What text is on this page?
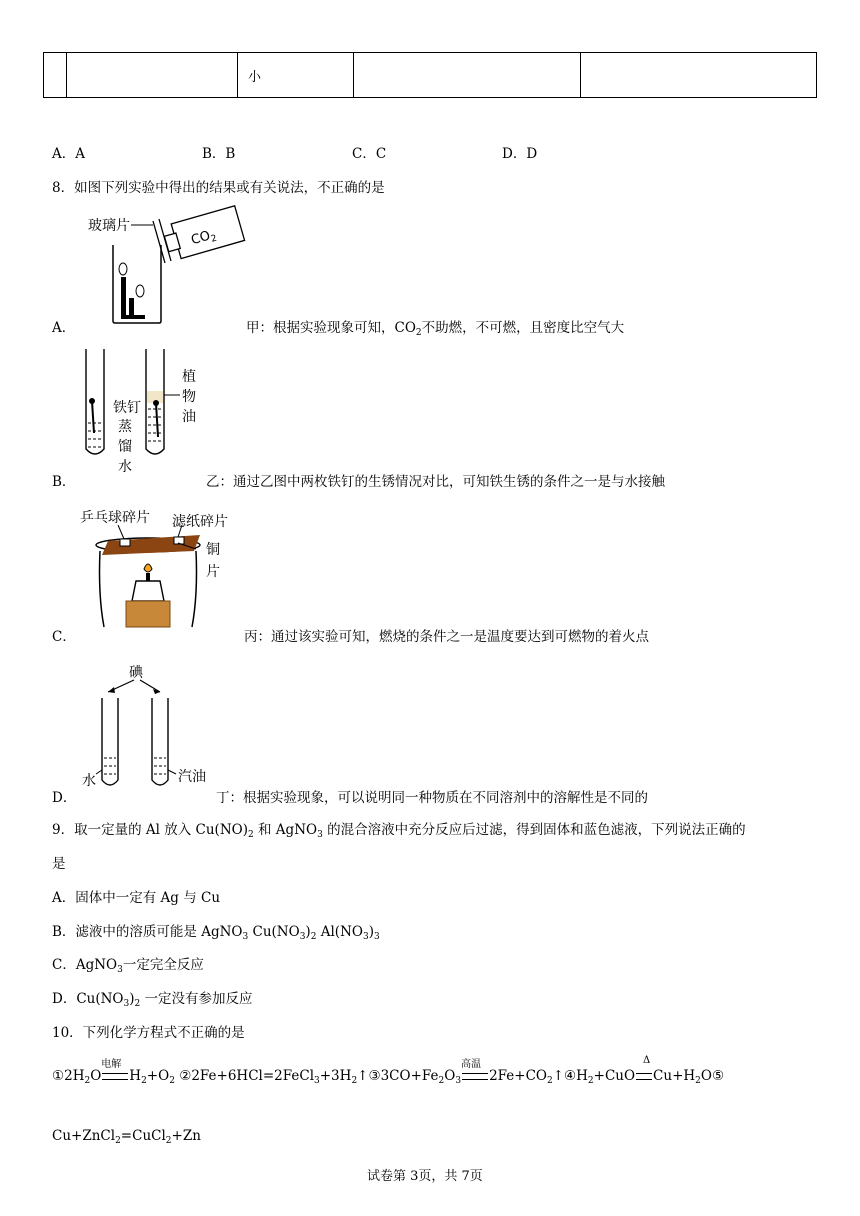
		小		
A．A	B．B	C．C	D．D
8．如图下列实验中得出的结果或有关说法，不正确的是
玻璃片
$CO_2$
A．	甲：根据实验现象可知，$CO_2$不助燃，不可燃，且密度比空气大
铁钉
蒸
馏
水
植
物
油
B．	乙：通过乙图中两枚铁钉的生锈情况对比，可知铁生锈的条件之一是与水接触
乒乓球碎片 滤纸碎片
铜
片
C．	丙：通过该实验可知，燃烧的条件之一是温度要达到可燃物的着火点
碘
水	汽油
D．	丁：根据实验现象，可以说明同一种物质在不同溶剂中的溶解性是不同的
9．取一定量的 Al 放入 $Cu(NO)_2$ 和 AgNO$_3$ 的混合溶液中充分反应后过滤，得到固体和蓝色滤液，下列说法正确的
是
A．固体中一定有 Ag 与 Cu
B．滤液中的溶质可能是 AgNO$_3$ $Cu(NO_3)_2$ $Al(NO_3)_3$
C．AgNO$_3$一定完全反应
D．$Cu(NO_3)_2$ 一定没有参加反应
10．下列化学方程式不正确的是
$①2H_2O$
电解
$H_2+O_2$ $②2Fe+6HCl=2FeCl_3+3H_2↑③3CO+Fe_2O_3$
高温
$2Fe+CO_2↑④H_2+CuO$
Δ
$Cu+H_2O⑤$
Cu+ZnCl$_2$=CuCl$_2$+Zn
试卷第 3页，共 7页
